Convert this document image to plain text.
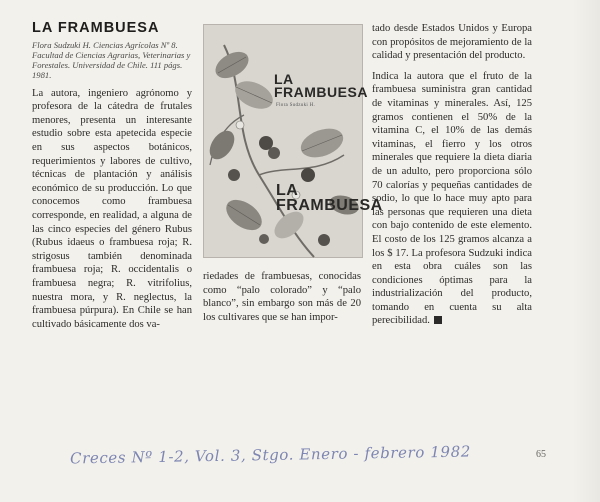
LA FRAMBUESA
Flora Sudzuki H. Ciencias Agrícolas Nº 8. Facultad de Ciencias Agrarias, Veterinarias y Forestales. Universidad de Chile. 111 págs. 1981.

La autora, ingeniero agrónomo y profesora de la cátedra de frutales menores, presenta un interesante estudio sobre esta apetecida especie en sus aspectos botánicos, requerimientos y labores de cultivo, técnicas de plantación y análisis económico de su producción. Lo que conocemos como frambuesa corresponde, en realidad, a alguna de las cinco especies del género Rubus (Rubus idaeus o frambuesa roja; R. strigosus también denominada frambuesa roja; R. occidentalis o frambuesa negra; R. vitrifolius, nuestra mora, y R. neglectus, la frambuesa púrpura). En Chile se han cultivado básicamente dos va-

LA FRAMBUESA
Flora Sudzuki H.
LA FRAMBUESA

riedades de frambuesas, conocidas como “palo colorado” y “palo blanco”, sin embargo son más de 20 los cultivares que se han impor-

tado desde Estados Unidos y Europa con propósitos de mejoramiento de la calidad y presentación del producto.

Indica la autora que el fruto de la frambuesa suministra gran cantidad de vitaminas y minerales. Así, 125 gramos contienen el 50% de la vitamina C, el 10% de las demás vitaminas, el fierro y los otros minerales que requiere la dieta diaria de un adulto, pero proporciona sólo 70 calorías y pequeñas cantidades de sodio, lo que lo hace muy apto para las personas que requieren una dieta con bajo contenido de este elemento. El costo de los 125 gramos alcanza a los $ 17. La profesora Sudzuki indica en esta obra cuáles son las condiciones óptimas para la industrialización del producto, tomando en cuenta su alta perecibilidad.

Creces Nº 1-2, Vol. 3, Stgo. Enero - febrero 1982	65
